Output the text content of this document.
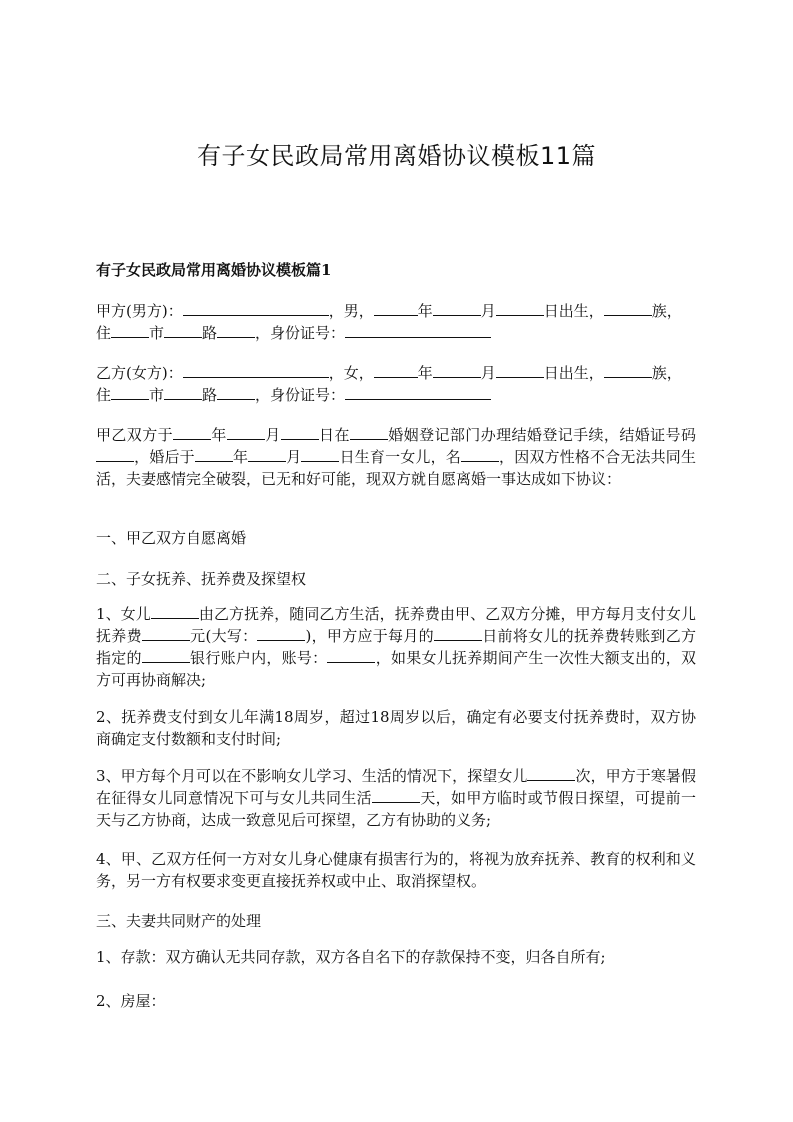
有子女民政局常用离婚协议模板11篇
有子女民政局常用离婚协议模板篇1

甲方(男方)：	，男，	年	月	日出生，	族，
住	市	路	，身份证号：

乙方(女方)：	，女，	年	月	日出生，	族，
住	市	路	，身份证号：

甲乙双方于	年	月	日在	婚姻登记部门办理结婚登记手续，结婚证号码，婚后于	年	月	日生育一女儿，名	，因双方性格不合无法共同生活，夫妻感情完全破裂，已无和好可能，现双方就自愿离婚一事达成如下协议：

一、甲乙双方自愿离婚

二、子女抚养、抚养费及探望权

1、女儿	由乙方抚养，随同乙方生活，抚养费由甲、乙双方分摊，甲方每月支付女儿抚养费	元(大写：	)，甲方应于每月的	日前将女儿的抚养费转账到乙方指定的	银行账户内，账号：	，如果女儿抚养期间产生一次性大额支出的，双方可再协商解决;

2、抚养费支付到女儿年满18周岁，超过18周岁以后，确定有必要支付抚养费时，双方协商确定支付数额和支付时间;

3、甲方每个月可以在不影响女儿学习、生活的情况下，探望女儿	次，甲方于寒暑假在征得女儿同意情况下可与女儿共同生活	天，如甲方临时或节假日探望，可提前一天与乙方协商，达成一致意见后可探望，乙方有协助的义务;

4、甲、乙双方任何一方对女儿身心健康有损害行为的，将视为放弃抚养、教育的权利和义务，另一方有权要求变更直接抚养权或中止、取消探望权。

三、夫妻共同财产的处理

1、存款：双方确认无共同存款，双方各自名下的存款保持不变，归各自所有;

2、房屋：
